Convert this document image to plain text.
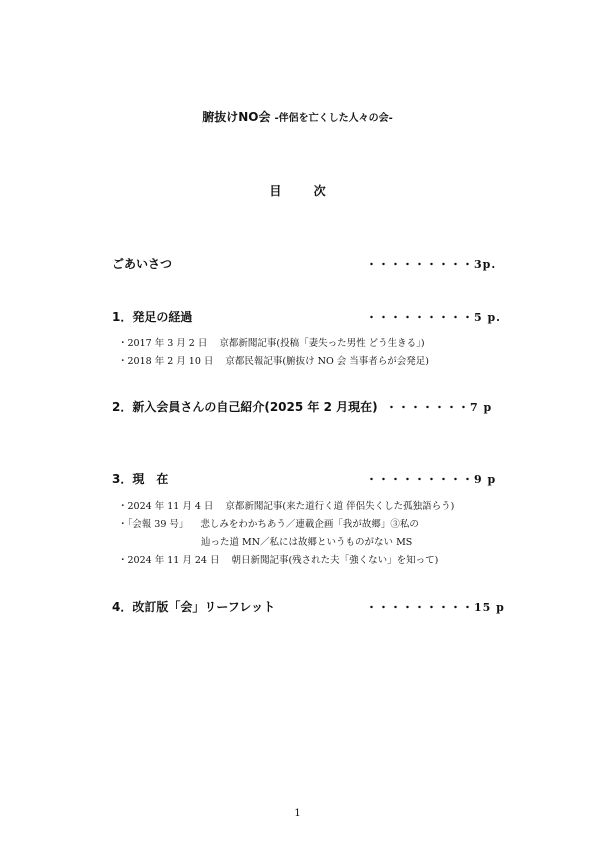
腑抜けNO会 -伴侶を亡くした人々の会-
目 次
ごあいさつ	・・・・・・・・・3p.
1．発足の経過	・・・・・・・・・5 p.
・2017 年 3 月 2 日 京都新聞記事(投稿「妻失った男性 どう生きる」)
・2018 年 2 月 10 日 京都民報記事(腑抜け NO 会 当事者らが会発足)
2．新入会員さんの自己紹介(2025 年 2 月現在) ・・・・・・・7 p
3．現　在	・・・・・・・・・9 p
・2024 年 11 月 4 日 京都新聞記事(来た道行く道 伴侶失くした孤独語らう)
・「会報 39 号」 悲しみをわかちあう／連載企画「我が故郷」③私の
辿った道 MN／私には故郷というものがない MS
・2024 年 11 月 24 日 朝日新聞記事(残された夫「強くない」を知って)
4．改訂版「会」リーフレット	・・・・・・・・・15 p
1
